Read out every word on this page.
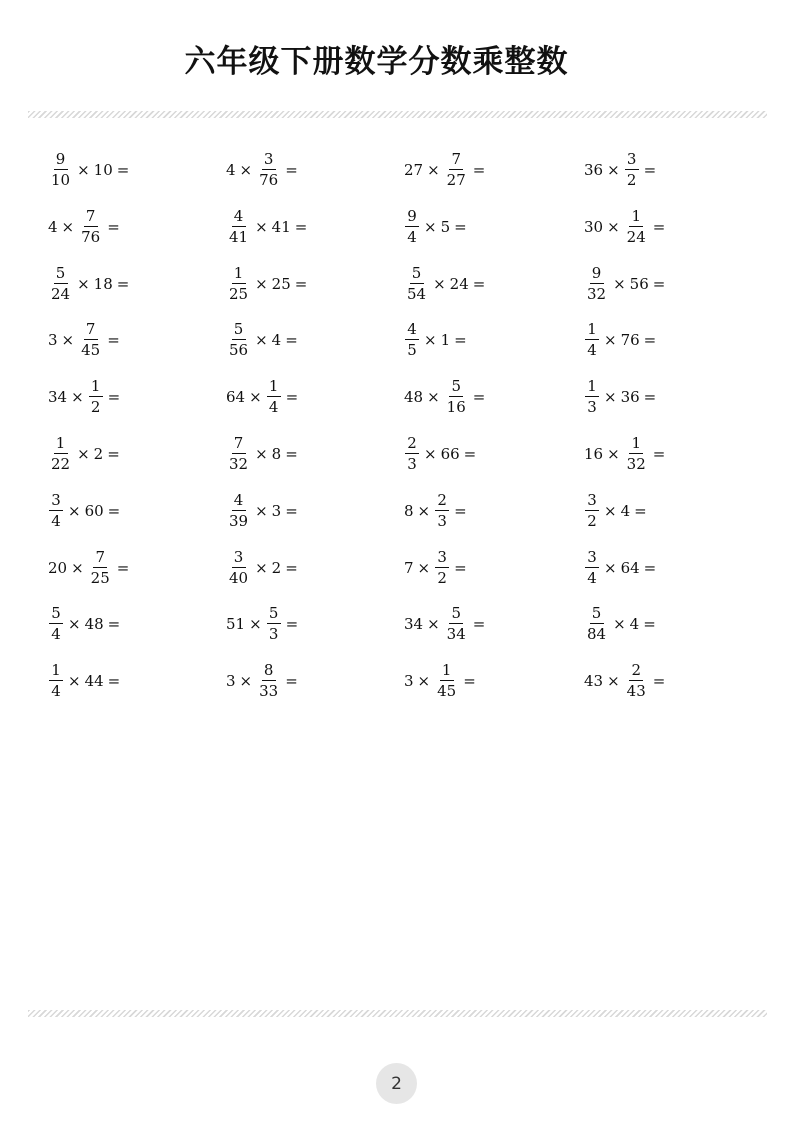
六年级下册数学分数乘整数
$\frac{9}{10} \times 10$ =	$4 \times \frac{3}{76}$ =	$27 \times \frac{7}{27}$ =	$36 \times \frac{3}{2}$ =
$4 \times \frac{7}{76}$ =	$\frac{4}{41} \times 41$ =	$\frac{9}{4} \times 5$ =	$30 \times \frac{1}{24}$ =
$\frac{5}{24} \times 18$ =	$\frac{1}{25} \times 25$ =	$\frac{5}{54} \times 24$ =	$\frac{9}{32} \times 56$ =
$3 \times \frac{7}{45}$ =	$\frac{5}{56} \times 4$ =	$\frac{4}{5} \times 1$ =	$\frac{1}{4} \times 76$ =
$34 \times \frac{1}{2}$ =	$64 \times \frac{1}{4}$ =	$48 \times \frac{5}{16}$ =	$\frac{1}{3} \times 36$ =
$\frac{1}{22} \times 2$ =	$\frac{7}{32} \times 8$ =	$\frac{2}{3} \times 66$ =	$16 \times \frac{1}{32}$ =
$\frac{3}{4} \times 60$ =	$\frac{4}{39} \times 3$ =	$8 \times \frac{2}{3}$ =	$\frac{3}{2} \times 4$ =
$20 \times \frac{7}{25}$ =	$\frac{3}{40} \times 2$ =	$7 \times \frac{3}{2}$ =	$\frac{3}{4} \times 64$ =
$\frac{5}{4} \times 48$ =	$51 \times \frac{5}{3}$ =	$34 \times \frac{5}{34}$ =	$\frac{5}{84} \times 4$ =
$\frac{1}{4} \times 44$ =	$3 \times \frac{8}{33}$ =	$3 \times \frac{1}{45}$ =	$43 \times \frac{2}{43}$ =
2
